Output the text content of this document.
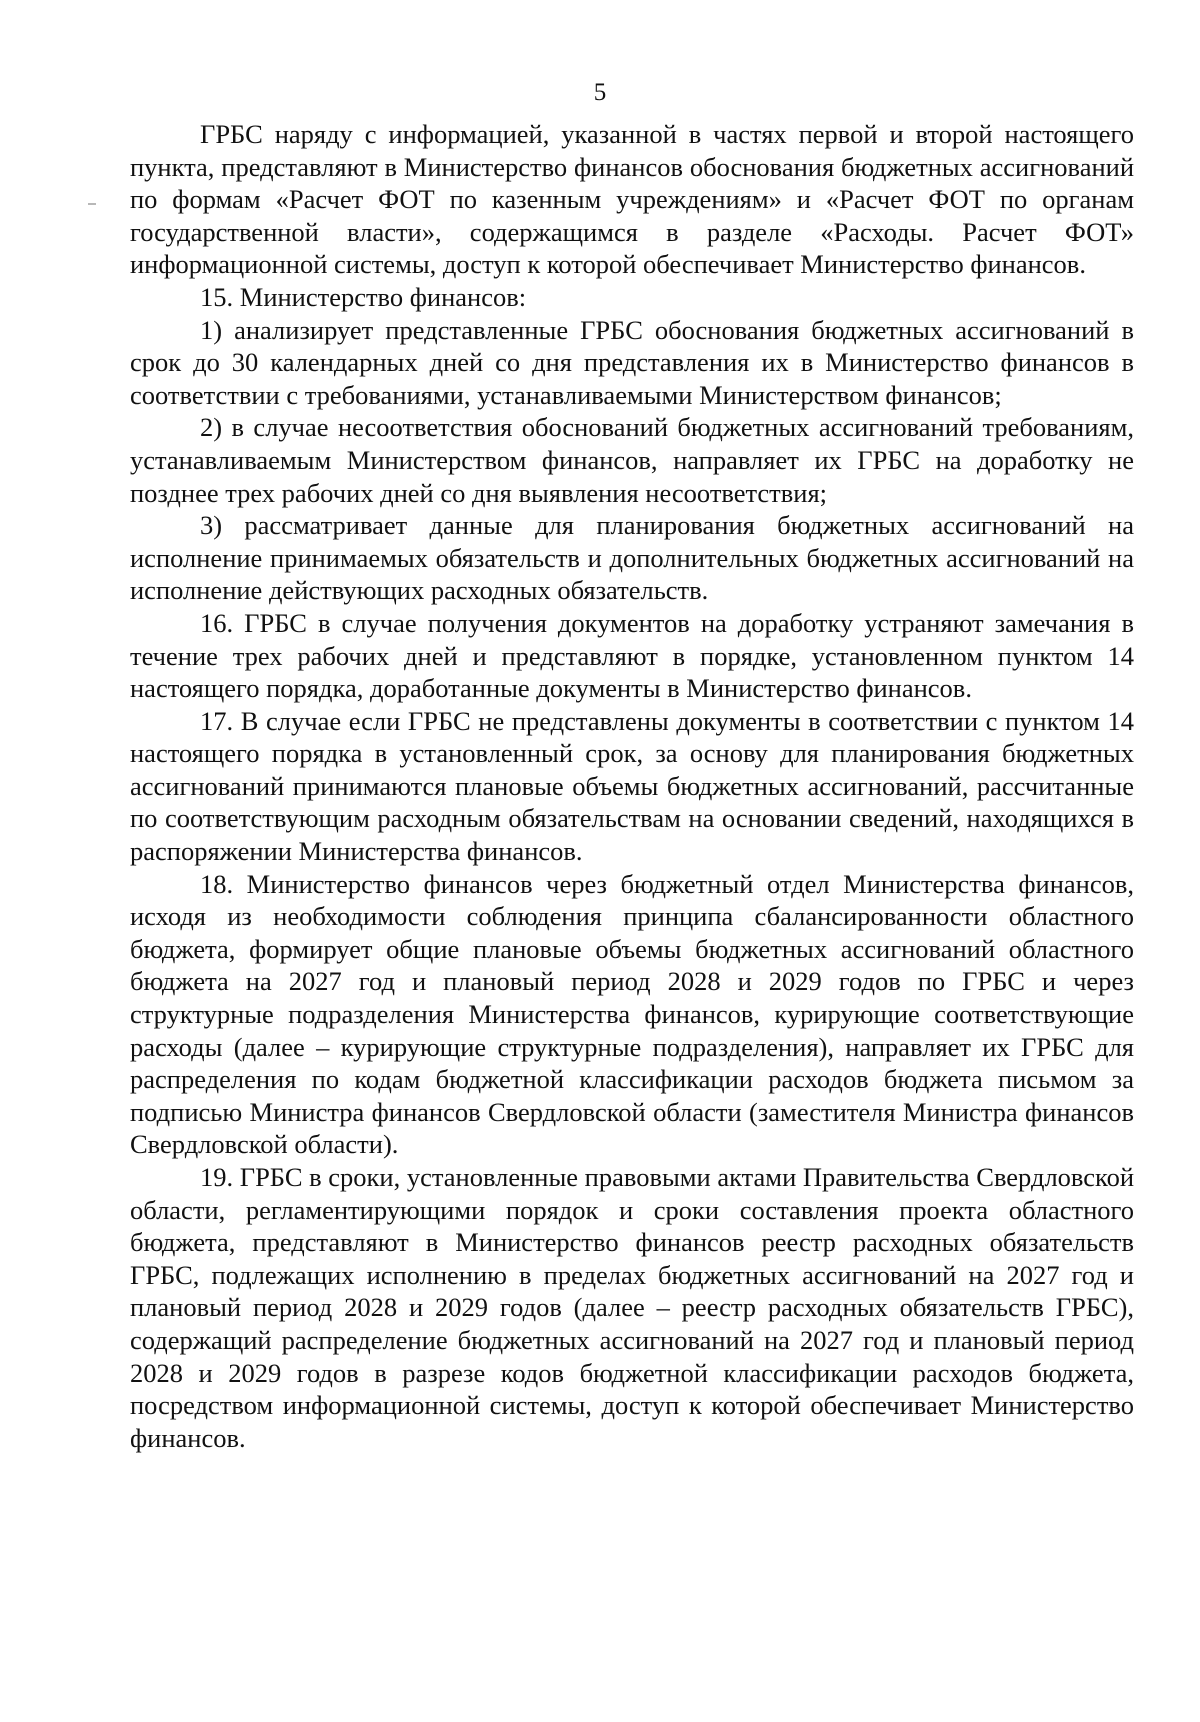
5

ГРБС наряду с информацией, указанной в частях первой и второй настоящего пункта, представляют в Министерство финансов обоснования бюджетных ассигнований по формам «Расчет ФОТ по казенным учреждениям» и «Расчет ФОТ по органам государственной власти», содержащимся в разделе «Расходы. Расчет ФОТ» информационной системы, доступ к которой обеспечивает Министерство финансов.

15. Министерство финансов:

1) анализирует представленные ГРБС обоснования бюджетных ассигнований в срок до 30 календарных дней со дня представления их в Министерство финансов в соответствии с требованиями, устанавливаемыми Министерством финансов;

2) в случае несоответствия обоснований бюджетных ассигнований требованиям, устанавливаемым Министерством финансов, направляет их ГРБС на доработку не позднее трех рабочих дней со дня выявления несоответствия;

3) рассматривает данные для планирования бюджетных ассигнований на исполнение принимаемых обязательств и дополнительных бюджетных ассигнований на исполнение действующих расходных обязательств.

16. ГРБС в случае получения документов на доработку устраняют замечания в течение трех рабочих дней и представляют в порядке, установленном пунктом 14 настоящего порядка, доработанные документы в Министерство финансов.

17. В случае если ГРБС не представлены документы в соответствии с пунктом 14 настоящего порядка в установленный срок, за основу для планирования бюджетных ассигнований принимаются плановые объемы бюджетных ассигнований, рассчитанные по соответствующим расходным обязательствам на основании сведений, находящихся в распоряжении Министерства финансов.

18. Министерство финансов через бюджетный отдел Министерства финансов, исходя из необходимости соблюдения принципа сбалансированности областного бюджета, формирует общие плановые объемы бюджетных ассигнований областного бюджета на 2027 год и плановый период 2028 и 2029 годов по ГРБС и через структурные подразделения Министерства финансов, курирующие соответствующие расходы (далее – курирующие структурные подразделения), направляет их ГРБС для распределения по кодам бюджетной классификации расходов бюджета письмом за подписью Министра финансов Свердловской области (заместителя Министра финансов Свердловской области).

19. ГРБС в сроки, установленные правовыми актами Правительства Свердловской области, регламентирующими порядок и сроки составления проекта областного бюджета, представляют в Министерство финансов реестр расходных обязательств ГРБС, подлежащих исполнению в пределах бюджетных ассигнований на 2027 год и плановый период 2028 и 2029 годов (далее – реестр расходных обязательств ГРБС), содержащий распределение бюджетных ассигнований на 2027 год и плановый период 2028 и 2029 годов в разрезе кодов бюджетной классификации расходов бюджета, посредством информационной системы, доступ к которой обеспечивает Министерство финансов.
